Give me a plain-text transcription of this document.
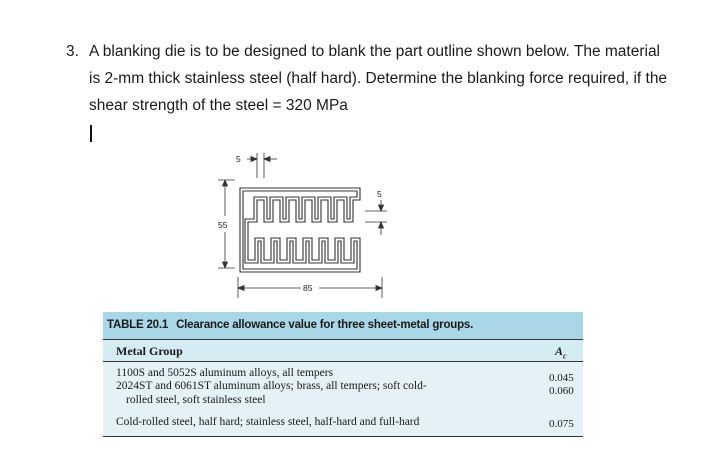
3. A blanking die is to be designed to blank the part outline shown below. The material is 2-mm thick stainless steel (half hard). Determine the blanking force required, if the shear strength of the steel = 320 MPa
5
55
5
85
TABLE 20.1 Clearance allowance value for three sheet-metal groups.
Metal Group	$A_c$
1100S and 5052S aluminum alloys, all tempers	0.045
2024ST and 6061ST aluminum alloys; brass, all tempers; soft cold-
rolled steel, soft stainless steel
0.060
Cold-rolled steel, half hard; stainless steel, half-hard and full-hard	0.075
